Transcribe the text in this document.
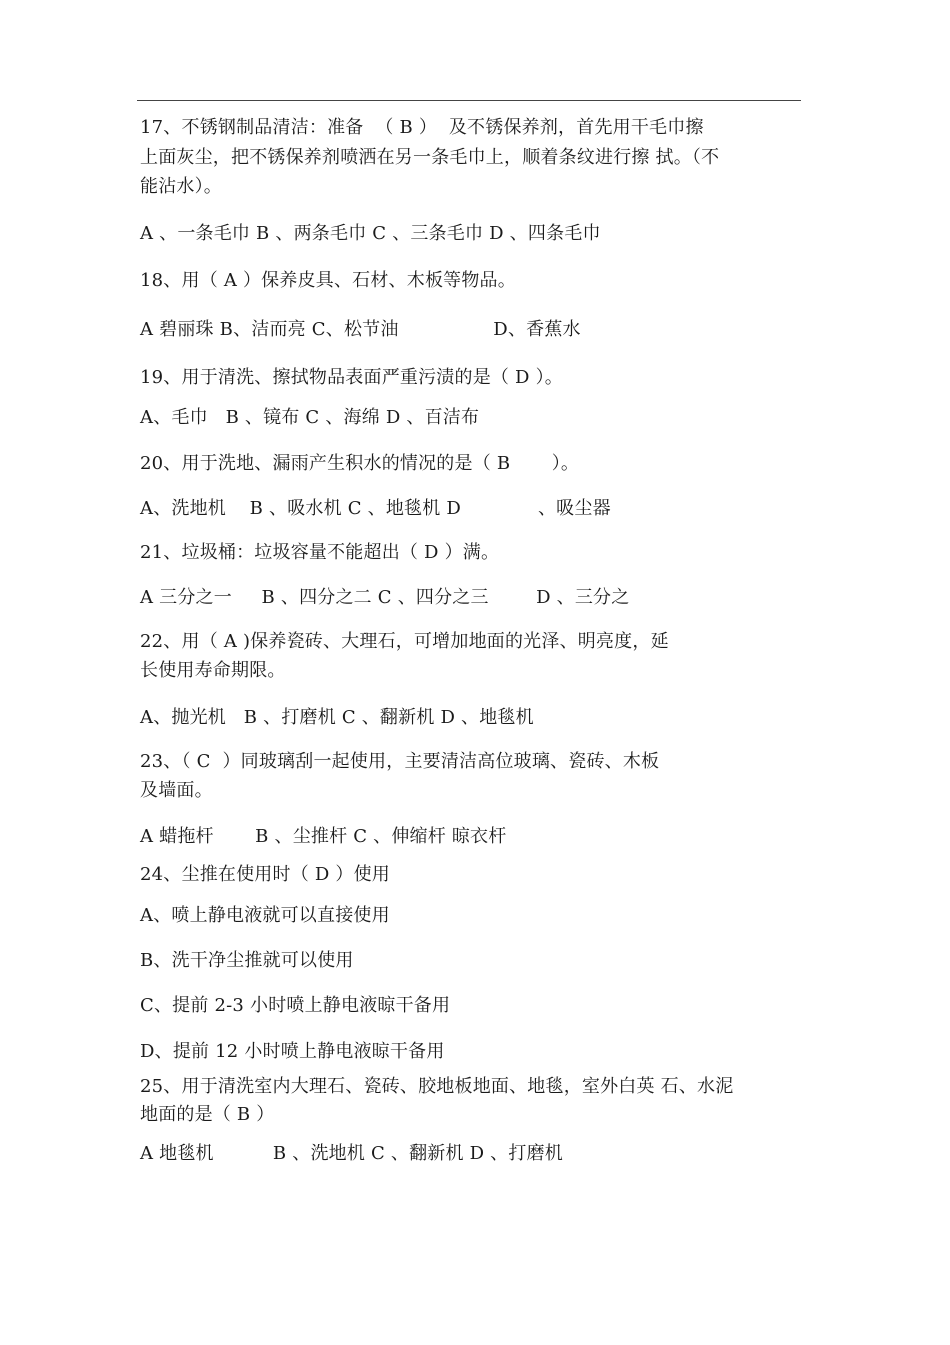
17、不锈钢制品清洁：准备  （ B ）  及不锈保养剂，首先用干毛巾擦
上面灰尘，把不锈保养剂喷洒在另一条毛巾上，顺着条纹进行擦 拭。（不
能沾水）。
A 、一条毛巾 B 、两条毛巾 C 、三条毛巾 D 、四条毛巾
18、用（ A ）保养皮具、石材、木板等物品。
A 碧丽珠 B、洁而亮 C、松节油                D、香蕉水
19、用于清洗、擦拭物品表面严重污渍的是（ D ）。
A、毛巾   B 、镜布 C 、海绵 D 、百洁布
20、用于洗地、漏雨产生积水的情况的是（ B       ）。
A、洗地机    B 、吸水机 C 、地毯机 D             、吸尘器
21、垃圾桶：垃圾容量不能超出（ D ）满。
A 三分之一     B 、四分之二 C 、四分之三        D 、三分之
22、用（ A )保养瓷砖、大理石，可增加地面的光泽、明亮度，延
长使用寿命期限。
A、抛光机   B 、打磨机 C 、翻新机 D 、地毯机
23、（ C  ）同玻璃刮一起使用，主要清洁高位玻璃、瓷砖、木板
及墙面。
A 蜡拖杆       B 、尘推杆 C 、伸缩杆 晾衣杆
24、尘推在使用时（ D ）使用
A、喷上静电液就可以直接使用
B、洗干净尘推就可以使用
C、提前 2-3 小时喷上静电液晾干备用
D、提前 12 小时喷上静电液晾干备用
25、用于清洗室内大理石、瓷砖、胶地板地面、地毯，室外白英 石、水泥
地面的是（ B ）
A 地毯机          B 、洗地机 C 、翻新机 D 、打磨机
